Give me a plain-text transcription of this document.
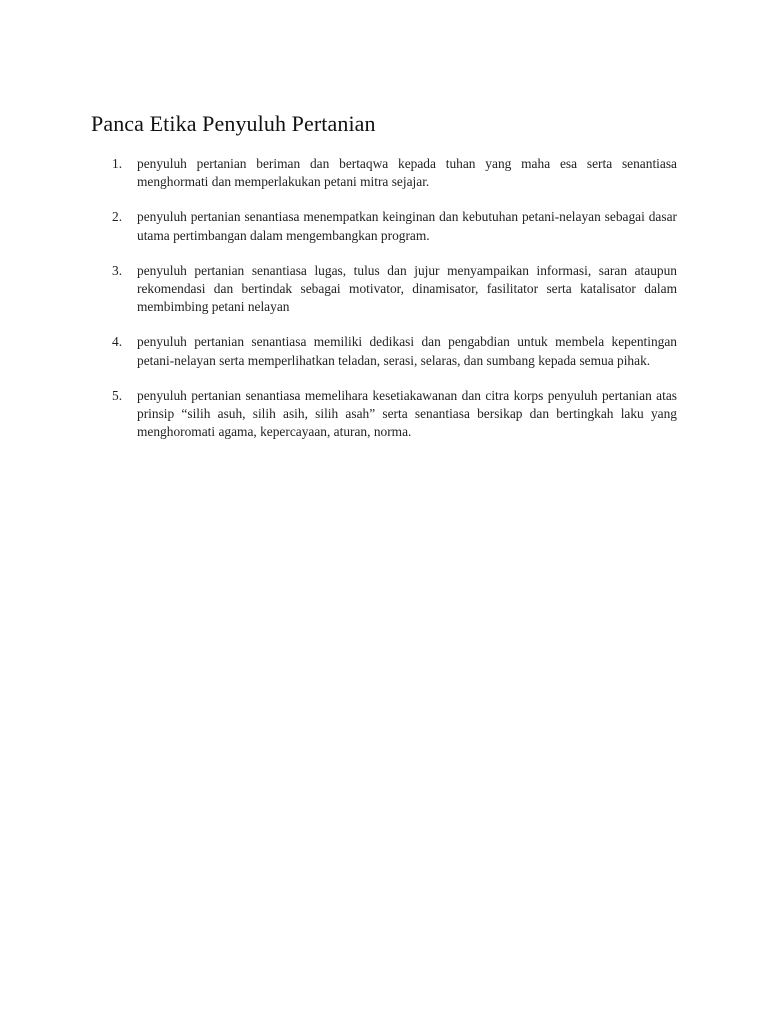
Panca Etika Penyuluh Pertanian
1.	penyuluh pertanian beriman dan bertaqwa kepada tuhan yang maha esa serta senantiasa menghormati dan memperlakukan petani mitra sejajar.
2.	penyuluh pertanian senantiasa menempatkan keinginan dan kebutuhan petani-nelayan sebagai dasar utama pertimbangan dalam mengembangkan program.
3.	penyuluh pertanian senantiasa lugas, tulus dan jujur menyampaikan informasi, saran ataupun rekomendasi dan bertindak sebagai motivator, dinamisator, fasilitator serta katalisator dalam membimbing petani nelayan
4.	penyuluh pertanian senantiasa memiliki dedikasi dan pengabdian untuk membela kepentingan petani-nelayan serta memperlihatkan teladan, serasi, selaras, dan sumbang kepada semua pihak.
5.	penyuluh pertanian senantiasa memelihara kesetiakawanan dan citra korps penyuluh pertanian atas prinsip “silih asuh, silih asih, silih asah” serta senantiasa bersikap dan bertingkah laku yang menghoromati agama, kepercayaan, aturan, norma.
